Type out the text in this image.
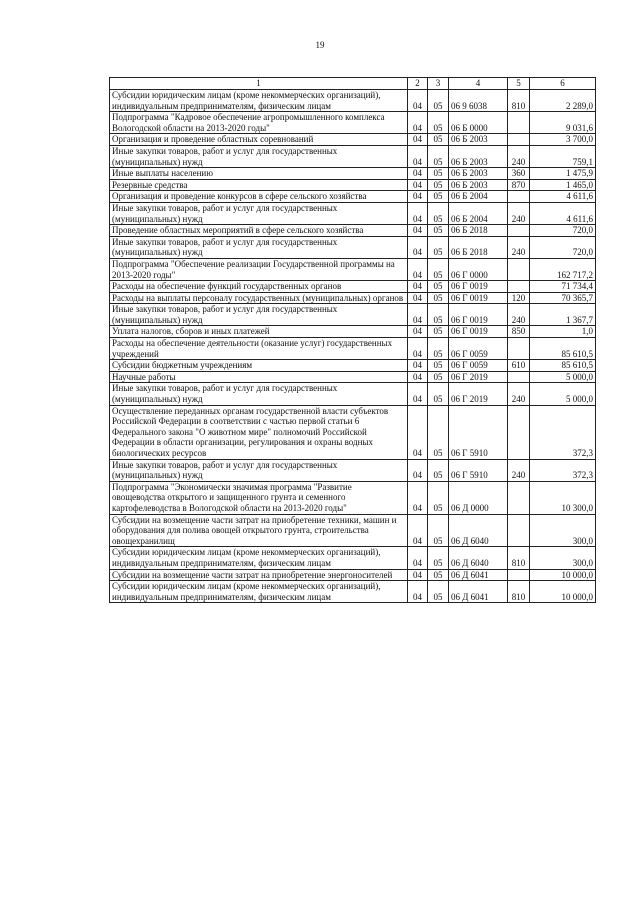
19
1	2	3	4	5	6
Субсидии юридическим лицам (кроме некоммерческих организаций), индивидуальным предпринимателям, физическим лицам	04	05	06 9 6038	810	2 289,0
Подпрограмма "Кадровое обеспечение агропромышленного комплекса Вологодской области на 2013-2020 годы"	04	05	06 Б 0000		9 031,6
Организация и проведение областных соревнований	04	05	06 Б 2003		3 700,0
Иные закупки товаров, работ и услуг для государственных (муниципальных) нужд	04	05	06 Б 2003	240	759,1
Иные выплаты населению	04	05	06 Б 2003	360	1 475,9
Резервные средства	04	05	06 Б 2003	870	1 465,0
Организация и проведение конкурсов в сфере сельского хозяйства	04	05	06 Б 2004		4 611,6
Иные закупки товаров, работ и услуг для государственных (муниципальных) нужд	04	05	06 Б 2004	240	4 611,6
Проведение областных мероприятий в сфере сельского хозяйства	04	05	06 Б 2018		720,0
Иные закупки товаров, работ и услуг для государственных (муниципальных) нужд	04	05	06 Б 2018	240	720,0
Подпрограмма "Обеспечение реализации Государственной программы на 2013-2020 годы"	04	05	06 Г 0000		162 717,2
Расходы на обеспечение функций государственных органов	04	05	06 Г 0019		71 734,4
Расходы на выплаты персоналу государственных (муниципальных) органов	04	05	06 Г 0019	120	70 365,7
Иные закупки товаров, работ и услуг для государственных (муниципальных) нужд	04	05	06 Г 0019	240	1 367,7
Уплата налогов, сборов и иных платежей	04	05	06 Г 0019	850	1,0
Расходы на обеспечение деятельности (оказание услуг) государственных учреждений	04	05	06 Г 0059		85 610,5
Субсидии бюджетным учреждениям	04	05	06 Г 0059	610	85 610,5
Научные работы	04	05	06 Г 2019		5 000,0
Иные закупки товаров, работ и услуг для государственных (муниципальных) нужд	04	05	06 Г 2019	240	5 000,0
Осуществление переданных органам государственной власти субъектов Российской Федерации в соответствии с частью первой статьи 6 Федерального закона "О животном мире" полномочий Российской Федерации в области организации, регулирования и охраны водных биологических ресурсов	04	05	06 Г 5910		372,3
Иные закупки товаров, работ и услуг для государственных (муниципальных) нужд	04	05	06 Г 5910	240	372,3
Подпрограмма "Экономически значимая программа "Развитие овощеводства открытого и защищенного грунта и семенного картофелеводства в Вологодской области на 2013-2020 годы"	04	05	06 Д 0000		10 300,0
Субсидии на возмещение части затрат на приобретение техники, машин и оборудования для полива овощей открытого грунта, строительства овощехранилищ	04	05	06 Д 6040		300,0
Субсидии юридическим лицам (кроме некоммерческих организаций), индивидуальным предпринимателям, физическим лицам	04	05	06 Д 6040	810	300,0
Субсидии на возмещение части затрат на приобретение энергоносителей	04	05	06 Д 6041		10 000,0
Субсидии юридическим лицам (кроме некоммерческих организаций), индивидуальным предпринимателям, физическим лицам	04	05	06 Д 6041	810	10 000,0
